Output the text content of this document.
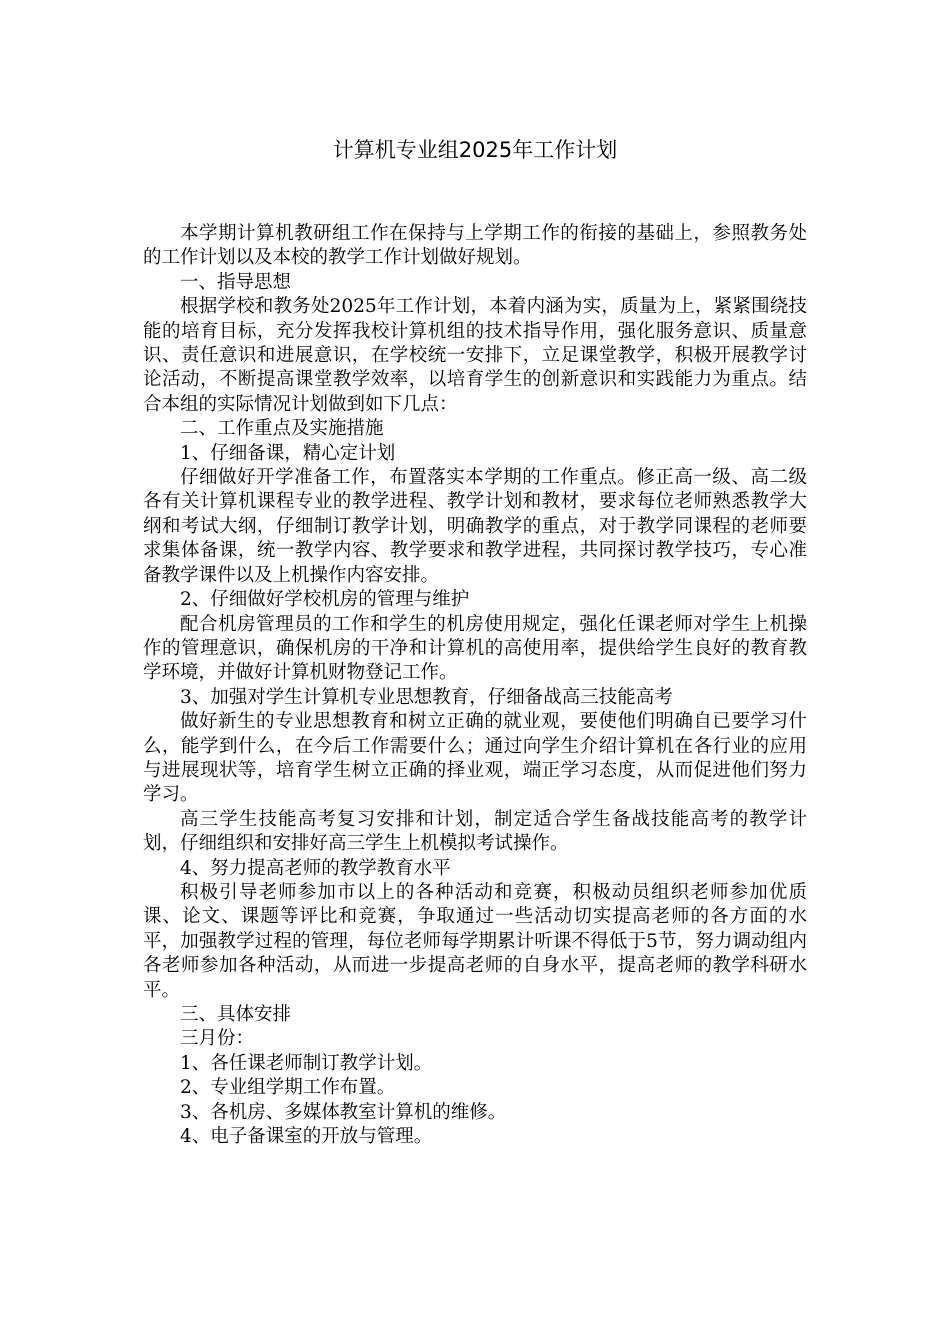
计算机专业组2025年工作计划

本学期计算机教研组工作在保持与上学期工作的衔接的基础上，参照教务处的工作计划以及本校的教学工作计划做好规划。

一、指导思想

根据学校和教务处2025年工作计划，本着内涵为实，质量为上，紧紧围绕技能的培育目标，充分发挥我校计算机组的技术指导作用，强化服务意识、质量意识、责任意识和进展意识，在学校统一安排下，立足课堂教学，积极开展教学讨论活动，不断提高课堂教学效率，以培育学生的创新意识和实践能力为重点。结合本组的实际情况计划做到如下几点：

二、工作重点及实施措施

1、仔细备课，精心定计划

仔细做好开学准备工作，布置落实本学期的工作重点。修正高一级、高二级各有关计算机课程专业的教学进程、教学计划和教材，要求每位老师熟悉教学大纲和考试大纲，仔细制订教学计划，明确教学的重点，对于教学同课程的老师要求集体备课，统一教学内容、教学要求和教学进程，共同探讨教学技巧，专心准备教学课件以及上机操作内容安排。

2、仔细做好学校机房的管理与维护

配合机房管理员的工作和学生的机房使用规定，强化任课老师对学生上机操作的管理意识，确保机房的干净和计算机的高使用率，提供给学生良好的教育教学环境，并做好计算机财物登记工作。

3、加强对学生计算机专业思想教育，仔细备战高三技能高考

做好新生的专业思想教育和树立正确的就业观，要使他们明确自已要学习什么，能学到什么，在今后工作需要什么；通过向学生介绍计算机在各行业的应用与进展现状等，培育学生树立正确的择业观，端正学习态度，从而促进他们努力学习。

高三学生技能高考复习安排和计划，制定适合学生备战技能高考的教学计划，仔细组织和安排好高三学生上机模拟考试操作。

4、努力提高老师的教学教育水平

积极引导老师参加市以上的各种活动和竞赛，积极动员组织老师参加优质课、论文、课题等评比和竞赛，争取通过一些活动切实提高老师的各方面的水平，加强教学过程的管理，每位老师每学期累计听课不得低于5节，努力调动组内各老师参加各种活动，从而进一步提高老师的自身水平，提高老师的教学科研水平。

三、具体安排

三月份：

1、各任课老师制订教学计划。

2、专业组学期工作布置。

3、各机房、多媒体教室计算机的维修。

4、电子备课室的开放与管理。
